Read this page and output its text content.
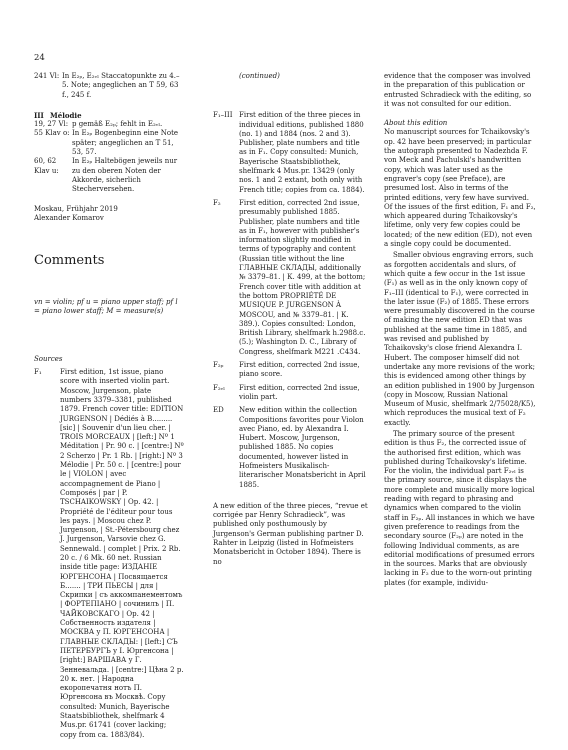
24
241 Vl: In E₂ₚ, E₂ᵥₗ Staccatopunkte zu 4.–5. Note; angeglichen an T 59, 63 f., 245 f.
III Mélodie
19, 27 Vl: p gemäß E₂ₚ; fehlt in E₂ᵥₗ.
55 Klav o: In E₂ₚ Bogenbeginn eine Note später; angeglichen an T 51, 53, 57.
60, 62 Klav u:
In E₂ₚ Haltebögen jeweils nur zu den oberen Noten der Akkorde, sicherlich Stecherversehen.
Moskau, Frühjahr 2019
Alexander Komarov
Comments
vn = violin; pf u = piano upper staff; pf l = piano lower staff; M = measure(s)
Sources
F₁	First edition, 1st issue, piano score with inserted violin part. Moscow, Jurgenson, plate numbers 3379–3381, published 1879. French cover title: EDITION JURGENSON | Dédiés à B......... [sic] | Souvenir d'un lieu cher. | TROIS MORCEAUX | [left:] Nº 1 Méditation | Pr. 90 c. | [centre:] Nº 2 Scherzo | Pr. 1 Rb. | [right:] Nº 3 Mélodie | Pr. 50 c. | [centre:] pour le | VIOLON | avec accompagnement de Piano | Composés | par | P. TSCHAIKOWSKY | Op. 42. | Propriété de l'éditeur pour tous les pays. | Moscou chez P. Jurgenson, | St.-Pétersbourg chez J. Jurgenson, Varsovie chez G. Sennewald. | complet | Prix. 2 Rb. 20 c. / 6 Mk. 60 net. Russian inside title page: ИЗДАНІЕ ЮРГЕНСОНА | Посвящается Б....... | ТРИ ПЬЕСЫ | для | Скрипки | съ аккомпанементомъ | ФОРТЕПІАНО | сочинилъ | П. ЧАЙКОВСКАГО | Op. 42 | Собственность издателя | МОСКВА у П. ЮРГЕНСОНА | ГЛАВНЫЕ СКЛАДЫ: | [left:] СЪ ПЕТЕРБУРГЪ у I. Юргенсона | [right:] ВАРШАВА у Г. Зенневальда. | [centre:] Цѣна 2 р. 20 к. нет. | Народна екоропечатня нотъ П. Юргенсона въ Москвѣ. Copy consulted: Munich, Bayerische Staatsbibliothek, shelfmark 4 Mus.pr. 61741 (cover lacking; copy from ca. 1883/84).
(continued)
F₁–III First edition of the three pieces in individual editions, published 1880 (no. 1) and 1884 (nos. 2 and 3). Publisher, plate numbers and title as in F₁. Copy consulted: Munich, Bayerische Staatsbibliothek, shelfmark 4 Mus.pr. 13429 (only nos. 1 and 2 extant, both only with French title; copies from ca. 1884).
F₂	First edition, corrected 2nd issue, presumably published 1885. Publisher, plate numbers and title as in F₁, however with publisher's information slightly modified in terms of typography and content (Russian title without the line ГЛАВНЫЕ СКЛАДЫ, additionally № 3379–81. | К. 499, at the bottom; French cover title with addition at the bottom PROPRIÉTÉ DE MUSIQUE P. JURGENSON À MOSCOU, and № 3379–81. | К. 389.). Copies consulted: London, British Library, shelfmark h.2988.c.(5.); Washington D. C., Library of Congress, shelfmark M221 .C434.
F₂ₚ	First edition, corrected 2nd issue, piano score.
F₂ᵥₗ	First edition, corrected 2nd issue, violin part.
ED	New edition within the collection Compositions favorites pour Violon avec Piano, ed. by Alexandra I. Hubert. Moscow, Jurgenson, published 1885. No copies documented, however listed in Hofmeisters Musikalisch-literarischer Monatsbericht in April 1885.
A new edition of the three pieces, “revue et corrigée par Henry Schradieck”, was published only posthumously by Jurgenson's German publishing partner D. Rahter in Leipzig (listed in Hofmeisters Monatsbericht in October 1894). There is no
evidence that the composer was involved in the preparation of this publication or entrusted Schradieck with the editing, so it was not consulted for our edition.
About this edition
No manuscript sources for Tchaikovsky's op. 42 have been preserved; in particular the autograph presented to Nadezhda F. von Meck and Pachulski's handwritten copy, which was later used as the engraver's copy (see Preface), are presumed lost. Also in terms of the printed editions, very few have survived. Of the issues of the first edition, F₁ and F₂, which appeared during Tchaikovsky's lifetime, only very few copies could be located; of the new edition (ED), not even a single copy could be documented.
Smaller obvious engraving errors, such as forgotten accidentals and slurs, of which quite a few occur in the 1st issue (F₁) as well as in the only known copy of F₁–III (identical to F₁), were corrected in the later issue (F₂) of 1885. These errors were presumably discovered in the course of making the new edition ED that was published at the same time in 1885, and was revised and published by Tchaikovsky's close friend Alexandra I. Hubert. The composer himself did not undertake any more revisions of the work; this is evidenced among other things by an edition published in 1900 by Jurgenson (copy in Moscow, Russian National Museum of Music, shelfmark 2/75028/K5), which reproduces the musical text of F₂ exactly.
The primary source of the present edition is thus F₂, the corrected issue of the authorised first edition, which was published during Tchaikovsky's lifetime. For the violin, the individual part F₂ᵥₗ is the primary source, since it displays the more complete and musically more logical reading with regard to phrasing and dynamics when compared to the violin staff in F₂ₚ. All instances in which we have given preference to readings from the secondary source (F₂ₚ) are noted in the following Individual comments, as are editorial modifications of presumed errors in the sources. Marks that are obviously lacking in F₂ due to the worn-out printing plates (for example, individu-
